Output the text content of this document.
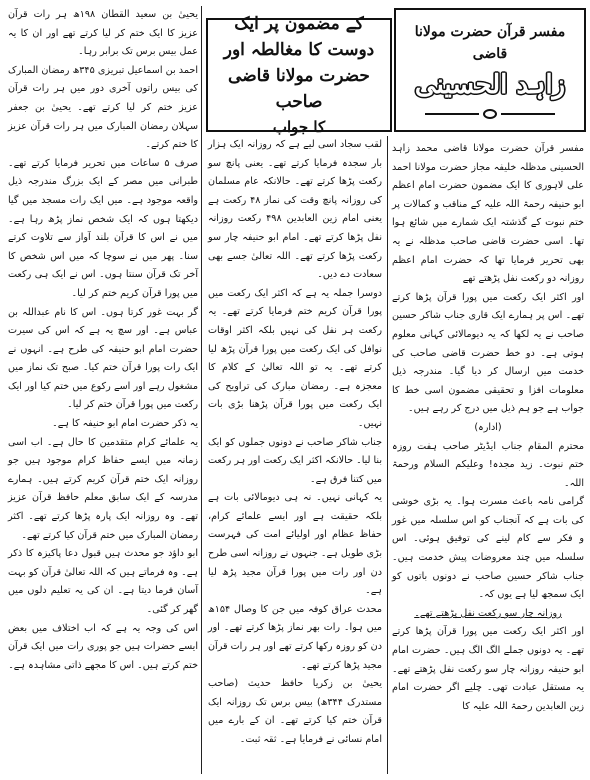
کے مضمون پر ایک دوست کا مغالطہ اور
حضرت مولانا قاضی صاحب
کا جواب
مفسر قرآن حضرت مولانا قاضی
زاہد الحسینی

مفسر قرآن حضرت مولانا قاضی محمد زاہد الحسینی مدظلہ خلیفہ مجاز حضرت مولانا احمد علی لاہوری کا ایک مضمون حضرت امام اعظم ابو حنیفہ رحمۃ اللہ علیہ کے مناقب و کمالات پر ختم نبوت کے گذشتہ ایک شمارے میں شائع ہوا تھا۔ اسی حضرت قاضی صاحب مدظلہ نے یہ بھی تحریر فرمایا تھا کہ حضرت امام اعظم روزانہ دو رکعت نفل پڑھتے تھے

اور اکثر ایک رکعت میں پورا قرآن پڑھا کرتے تھے۔ اس پر ہمارے ایک قاری جناب شاکر حسین صاحب نے یہ لکھا کہ یہ دیومالائی کہانی معلوم ہوتی ہے۔ دو خط حضرت قاضی صاحب کی خدمت میں ارسال کر دیا گیا۔ مندرجہ ذیل معلومات افزا و تحقیقی مضمون اسی خط کا جواب ہے جو ہم ذیل میں درج کر رہے ہیں۔

(ادارہ)

محترم المقام جناب ایڈیٹر صاحب ہفت روزہ ختم نبوت۔ زید مجدہ! وعلیکم السلام ورحمۃ اللہ۔

گرامی نامہ باعث مسرت ہوا۔ یہ بڑی خوشی کی بات ہے کہ آنجناب کو اس سلسلہ میں غور و فکر سے کام لینے کی توفیق ہوئی۔ اس سلسلہ میں چند معروضات پیش خدمت ہیں۔ جناب شاکر حسین صاحب نے دونوں باتوں کو ایک سمجھ لیا ہے یوں کہ۔

روزانہ چار سو رکعت نفل پڑھتے تھے۔

اور اکثر ایک رکعت میں پورا قرآن پڑھا کرتے تھے۔ یہ دونوں جملے الگ الگ ہیں۔ حضرت امام ابو حنیفہ روزانہ چار سو رکعت نفل پڑھتے تھے۔ یہ مستقل عبادت تھی۔ چلیے اگر حضرت امام زین العابدین رحمۃ اللہ علیہ کا

لقب سجاد اسی لیے ہے کہ روزانہ ایک ہزار بار سجدہ فرمایا کرتے تھے۔ یعنی پانچ سو رکعت پڑھا کرتے تھے۔ حالانکہ عام مسلمان کی روزانہ پانچ وقت کی نماز ۴۸ رکعت ہے یعنی امام زین العابدین ۴۹۸ رکعت روزانہ نفل پڑھا کرتے تھے۔ امام ابو حنیفہ چار سو رکعت پڑھا کرتے تھے۔ اللہ تعالیٰ جسے بھی سعادت دے دیں۔

دوسرا جملہ یہ ہے کہ اکثر ایک رکعت میں پورا قرآن کریم ختم فرمایا کرتے تھے۔ یہ رکعت ہر نفل کی نہیں بلکہ اکثر اوقات نوافل کی ایک رکعت میں پورا قرآن پڑھ لیا کرتے تھے۔ یہ تو اللہ تعالیٰ کے کلام کا معجزہ ہے۔ رمضان مبارک کی تراویح کی ایک رکعت میں پورا قرآن پڑھنا بڑی بات نہیں۔

جناب شاکر صاحب نے دونوں جملوں کو ایک بنا لیا۔ حالانکہ اکثر ایک رکعت اور ہر رکعت میں کتنا فرق ہے۔

یہ کہانی نہیں۔ نہ ہی دیومالائی بات ہے بلکہ حقیقت ہے اور ایسے علمائے کرام، حفاظ عظام اور اولیائے امت کی فہرست بڑی طویل ہے۔ جنہوں نے روزانہ اسی طرح دن اور رات میں پورا قرآن مجید پڑھ لیا ہے۔

محدث عراق کوفہ میں جن کا وصال ۱۵۴ھ میں ہوا۔ رات بھر نماز پڑھا کرتے تھے۔ اور دن کو روزہ رکھا کرتے تھے اور ہر رات قرآن مجید پڑھا کرتے تھے۔

یحییٰ بن زکریا حافظ حدیث (صاحب مستدرک ۳۴۴ھ) بیس برس تک روزانہ ایک قرآن ختم کیا کرتے تھے۔ ان کے بارے میں امام نسائی نے فرمایا ہے۔ ثقہ ثبت۔

یحییٰ بن سعید القطان ۱۹۸ھ ہر رات قرآن عزیز کا ایک ختم کر لیا کرتے تھے اور ان کا یہ عمل بیس برس تک برابر رہا۔

احمد بن اسماعیل تبریزی ۳۴۵ھ رمضان المبارک کی بیس راتوں آخری دور میں ہر رات قرآن عزیز ختم کر لیا کرتے تھے۔ یحییٰ بن جعفر سہلان رمضان المبارک میں ہر رات قرآن عزیز کا ختم کرتے۔

صرف ۵ ساعات میں تحریر فرمایا کرتے تھے۔ طبرانی میں مصر کے ایک بزرگ مندرجہ ذیل واقعہ موجود ہے۔ میں ایک رات مسجد میں گیا دیکھتا ہوں کہ ایک شخص نماز پڑھ رہا ہے۔ میں نے اس کا قرآن بلند آواز سے تلاوت کرتے سنا۔ پھر میں نے سوچا کہ میں اس شخص کا آخر تک قرآن سنتا ہوں۔ اس نے ایک ہی رکعت میں پورا قرآن کریم ختم کر لیا۔

گر بہت غور کرتا ہوں۔ اس کا نام عبداللہ بن عباس ہے۔ اور سچ یہ ہے کہ اس کی سیرت حضرت امام ابو حنیفہ کی طرح ہے۔ انہوں نے ایک رات پورا قرآن ختم کیا۔ صبح تک نماز میں مشغول رہے اور اسے رکوع میں ختم کیا اور ایک رکعت میں پورا قرآن ختم کر لیا۔

یہ ذکر حضرت امام ابو حنیفہ کا ہے۔

یہ علمائے کرام متقدمین کا حال ہے۔ اب اسی زمانہ میں ایسے حفاظ کرام موجود ہیں جو روزانہ ایک ختم قرآن کریم کرتے ہیں۔ ہمارے مدرسہ کے ایک سابق معلم حافظ قرآن عزیز تھے۔ وہ روزانہ ایک پارہ پڑھا کرتے تھے۔ اکثر رمضان المبارک میں ختم قرآن کیا کرتے تھے۔

ابو داؤد جو محدث ہیں قبول دعا پاکیزہ کا ذکر ہے۔ وہ فرماتے ہیں کہ اللہ تعالیٰ قرآن کو بہت آسان فرما دیتا ہے۔ ان کی یہ تعلیم دلوں میں گھر کر گئی۔

اس کی وجہ یہ ہے کہ اب اختلاف میں بعض ایسے حضرات ہیں جو پوری رات میں ایک قرآن ختم کرتے ہیں۔ اس کا مجھے ذاتی مشاہدہ ہے۔
